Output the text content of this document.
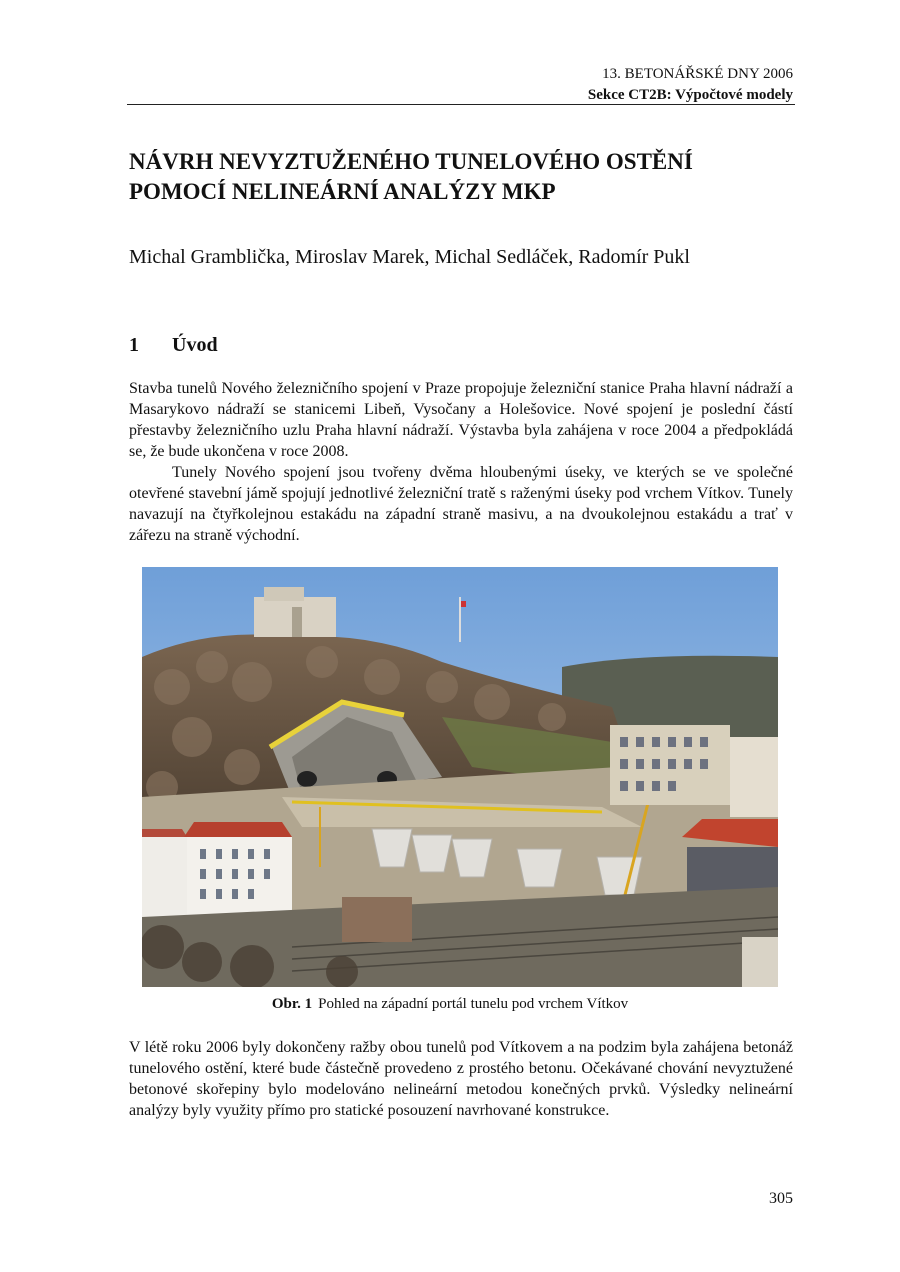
13. BETONÁŘSKÉ DNY 2006
Sekce CT2B: Výpočtové modely
NÁVRH NEVYZTUŽENÉHO TUNELOVÉHO OSTĚNÍ
POMOCÍ NELINEÁRNÍ ANALÝZY MKP

Michal Gramblička, Miroslav Marek, Michal Sedláček, Radomír Pukl

1 Úvod

Stavba tunelů Nového železničního spojení v Praze propojuje železniční stanice Praha hlavní nádraží a Masarykovo nádraží se stanicemi Libeň, Vysočany a Holešovice. Nové spojení je poslední částí přestavby železničního uzlu Praha hlavní nádraží. Výstavba byla zahájena v roce 2004 a předpokládá se, že bude ukončena v roce 2008.

Tunely Nového spojení jsou tvořeny dvěma hloubenými úseky, ve kterých se ve společné otevřené stavební jámě spojují jednotlivé železniční tratě s raženými úseky pod vrchem Vítkov. Tunely navazují na čtyřkolejnou estakádu na západní straně masivu, a na dvoukolejnou estakádu a trať v zářezu na straně východní.

Obr. 1 Pohled na západní portál tunelu pod vrchem Vítkov

V létě roku 2006 byly dokončeny ražby obou tunelů pod Vítkovem a na podzim byla zahájena betonáž tunelového ostění, které bude částečně provedeno z prostého betonu. Očekávané chování nevyztužené betonové skořepiny bylo modelováno nelineární metodou konečných prvků. Výsledky nelineární analýzy byly využity přímo pro statické posouzení navrhované konstrukce.

305
